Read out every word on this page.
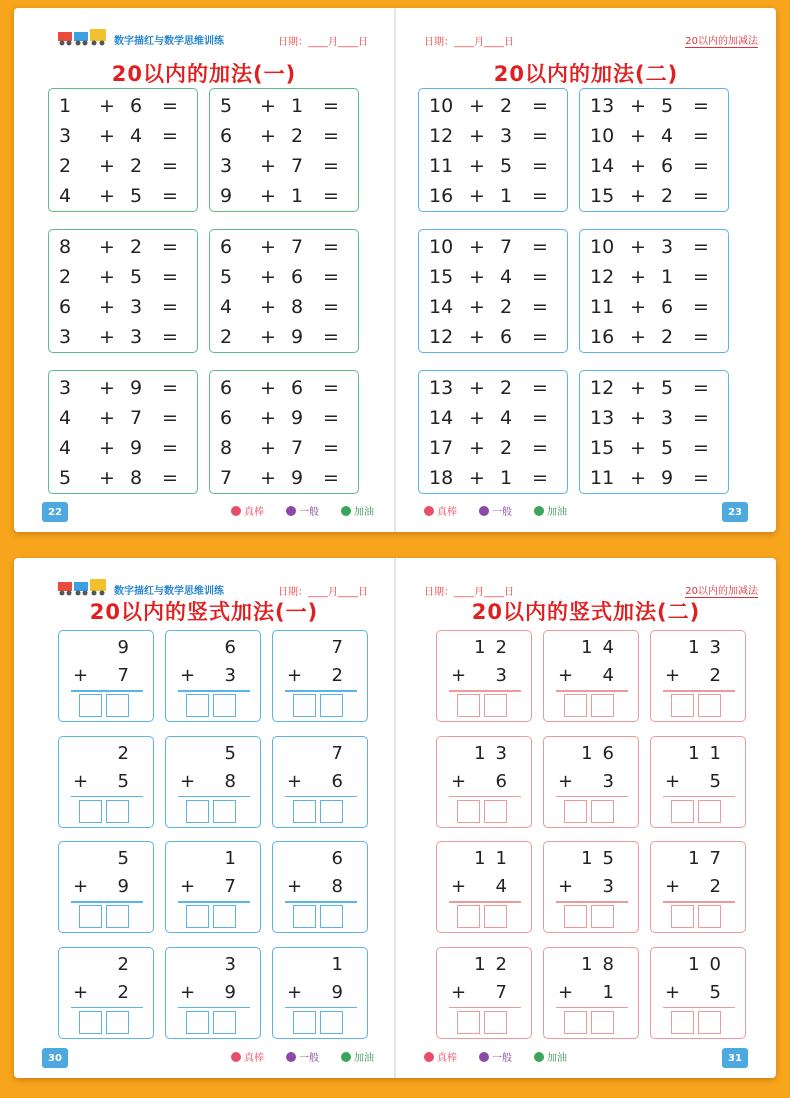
数字描红与数学思维训练	日期：____月____日
20以内的加法(一)
1	+ 6	=
3	+ 4	=
2	+ 2	=
4	+ 5	=
5	+ 1	=
6	+ 2	=
3	+ 7	=
9	+ 1	=
8	+ 2	=
2	+ 5	=
6	+ 3	=
3	+ 3	=
6	+ 7	=
5	+ 6	=
4	+ 8	=
2	+ 9	=
3	+ 9	=
4	+ 7	=
4	+ 9	=
5	+ 8	=
6	+ 6	=
6	+ 9	=
8	+ 7	=
7	+ 9	=
22	真棒	一般	加油
日期：____月____日	20以内的加减法
20以内的加法(二)
10 + 2	=
12 + 3	=
11 + 5	=
16 + 1	=
13 + 5	=
10 + 4	=
14 + 6	=
15 + 2	=
10 + 7	=
15 + 4	=
14 + 2	=
12 + 6	=
10 + 3	=
12 + 1	=
11 + 6	=
16 + 2	=
13 + 2	=
14 + 4	=
17 + 2	=
18 + 1	=
12 + 5	=
13 + 3	=
15 + 5	=
11 + 9	=
23
真棒	一般	加油
数字描红与数学思维训练	日期：____月____日
20以内的竖式加法(一)
9
+ 7
6
+ 3
7
+ 2
2
+ 5
5
+ 8
7
+ 6
5
+ 9
1
+ 7
6
+ 8
2
+ 2
3
+ 9
1
+ 9
30	真棒	一般	加油
日期：____月____日	20以内的加减法
20以内的竖式加法(二)
12
+ 3
14
+ 4
13
+ 2
13
+ 6
16
+ 3
11
+ 5
11
+ 4
15
+ 3
17
+ 2
12
+ 7
18
+ 1
10
+ 5
31
真棒	一般	加油
